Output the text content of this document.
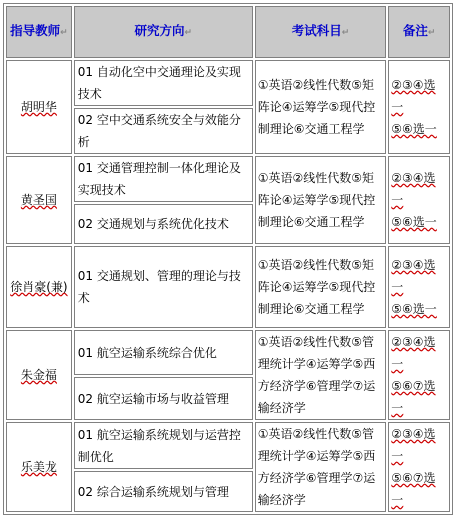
指导教师↵	研究方向↵	考试科目↵	备注↵
胡明华	01 自动化空中交通理论及实现技术	①英语②线性代数⑤矩阵论④运筹学⑤现代控制理论⑥交通工程学	②③④选一
⑤⑥选一

	02 空中交通系统安全与效能分析		

黄圣国	01 交通管理控制一体化理论及实现技术	①英语②线性代数⑤矩阵论④运筹学⑤现代控制理论⑥交通工程学	②③④选一
⑤⑥选一

	02 交通规划与系统优化技术		

徐肖豪(兼)	01 交通规划、管理的理论与技术	①英语②线性代数⑤矩阵论④运筹学⑤现代控制理论⑥交通工程学	②③④选一
⑤⑥选一

朱金福	01 航空运输系统综合优化	①英语②线性代数⑤管理统计学④运筹学⑤西方经济学⑥管理学⑦运输经济学	②③④选一
⑤⑥⑦选一

	02 航空运输市场与收益管理		

乐美龙	01 航空运输系统规划与运营控制优化	①英语②线性代数⑤管理统计学④运筹学⑤西方经济学⑥管理学⑦运输经济学	②③④选一
⑤⑥⑦选一

	02 综合运输系统规划与管理		
